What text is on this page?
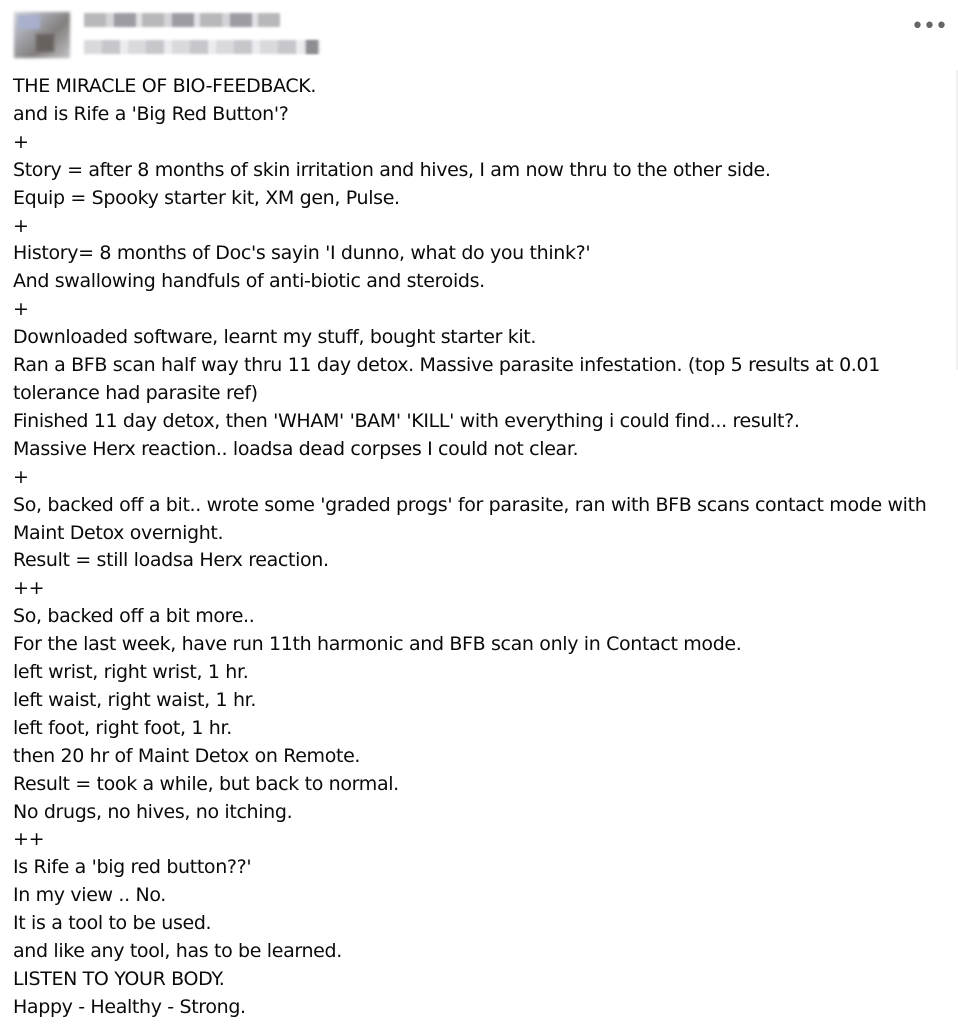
•••

THE MIRACLE OF BIO-FEEDBACK.

and is Rife a 'Big Red Button'?

+

Story = after 8 months of skin irritation and hives, I am now thru to the other side.

Equip = Spooky starter kit, XM gen, Pulse.

+

History= 8 months of Doc's sayin 'I dunno, what do you think?'

And swallowing handfuls of anti-biotic and steroids.

+

Downloaded software, learnt my stuff, bought starter kit.

Ran a BFB scan half way thru 11 day detox. Massive parasite infestation. (top 5 results at 0.01

tolerance had parasite ref)

Finished 11 day detox, then 'WHAM' 'BAM' 'KILL' with everything i could find... result?.

Massive Herx reaction.. loadsa dead corpses I could not clear.

+

So, backed off a bit.. wrote some 'graded progs' for parasite, ran with BFB scans contact mode with

Maint Detox overnight.

Result = still loadsa Herx reaction.

++

So, backed off a bit more..

For the last week, have run 11th harmonic and BFB scan only in Contact mode.

left wrist, right wrist, 1 hr.

left waist, right waist, 1 hr.

left foot, right foot, 1 hr.

then 20 hr of Maint Detox on Remote.

Result = took a while, but back to normal.

No drugs, no hives, no itching.

++

Is Rife a 'big red button??'

In my view .. No.

It is a tool to be used.

and like any tool, has to be learned.

LISTEN TO YOUR BODY.

Happy - Healthy - Strong.
